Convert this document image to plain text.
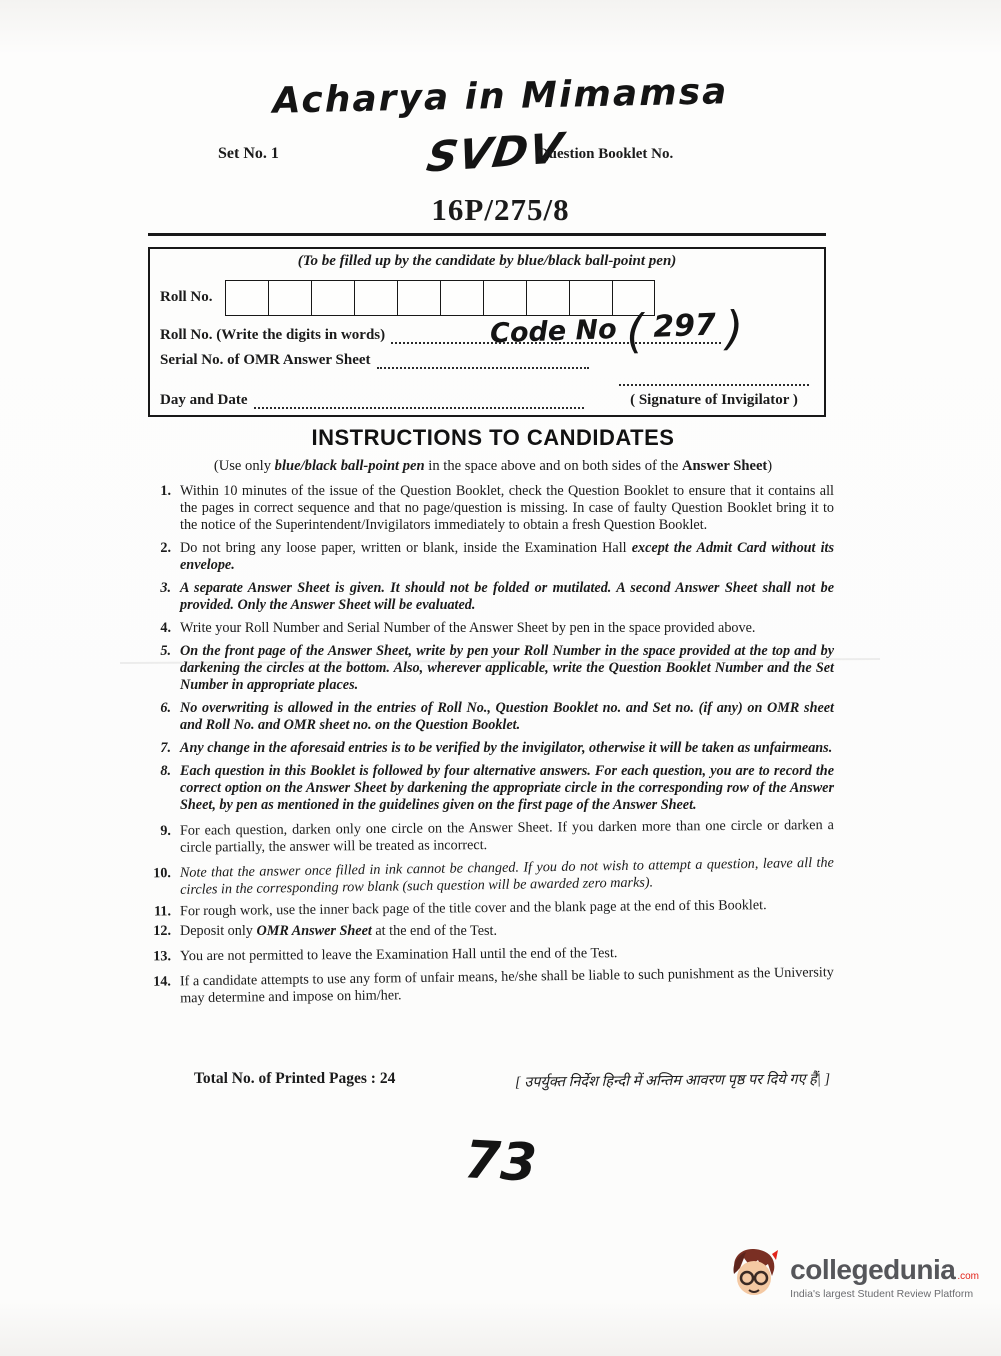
Acharya in Mimamsa
SVDV
Set No. 1	Question Booklet No.
16P/275/8
(To be filled up by the candidate by blue/black ball-point pen)
Roll No.
Roll No. (Write the digits in words)	Code No ( 297 )
Serial No. of OMR Answer Sheet
Day and Date	( Signature of Invigilator )
INSTRUCTIONS TO CANDIDATES
(Use only blue/black ball-point pen in the space above and on both sides of the Answer Sheet)
1. Within 10 minutes of the issue of the Question Booklet, check the Question Booklet to ensure that it contains all the pages in correct sequence and that no page/question is missing. In case of faulty Question Booklet bring it to the notice of the Superintendent/Invigilators immediately to obtain a fresh Question Booklet.
2. Do not bring any loose paper, written or blank, inside the Examination Hall except the Admit Card without its envelope.
3. A separate Answer Sheet is given. It should not be folded or mutilated. A second Answer Sheet shall not be provided. Only the Answer Sheet will be evaluated.
4. Write your Roll Number and Serial Number of the Answer Sheet by pen in the space provided above.
5. On the front page of the Answer Sheet, write by pen your Roll Number in the space provided at the top and by darkening the circles at the bottom. Also, wherever applicable, write the Question Booklet Number and the Set Number in appropriate places.
6. No overwriting is allowed in the entries of Roll No., Question Booklet no. and Set no. (if any) on OMR sheet and Roll No. and OMR sheet no. on the Question Booklet.
7. Any change in the aforesaid entries is to be verified by the invigilator, otherwise it will be taken as unfairmeans.
8. Each question in this Booklet is followed by four alternative answers. For each question, you are to record the correct option on the Answer Sheet by darkening the appropriate circle in the corresponding row of the Answer Sheet, by pen as mentioned in the guidelines given on the first page of the Answer Sheet.
9. For each question, darken only one circle on the Answer Sheet. If you darken more than one circle or darken a circle partially, the answer will be treated as incorrect.
10. Note that the answer once filled in ink cannot be changed. If you do not wish to attempt a question, leave all the circles in the corresponding row blank (such question will be awarded zero marks).
11. For rough work, use the inner back page of the title cover and the blank page at the end of this Booklet.
12. Deposit only OMR Answer Sheet at the end of the Test.
13. You are not permitted to leave the Examination Hall until the end of the Test.
14. If a candidate attempts to use any form of unfair means, he/she shall be liable to such punishment as the University may determine and impose on him/her.
Total No. of Printed Pages : 24	[ उपर्युक्त निर्देश हिन्दी में अन्तिम आवरण पृष्ठ पर दिये गए हैं| ]
73
collegedunia .com
India's largest Student Review Platform
